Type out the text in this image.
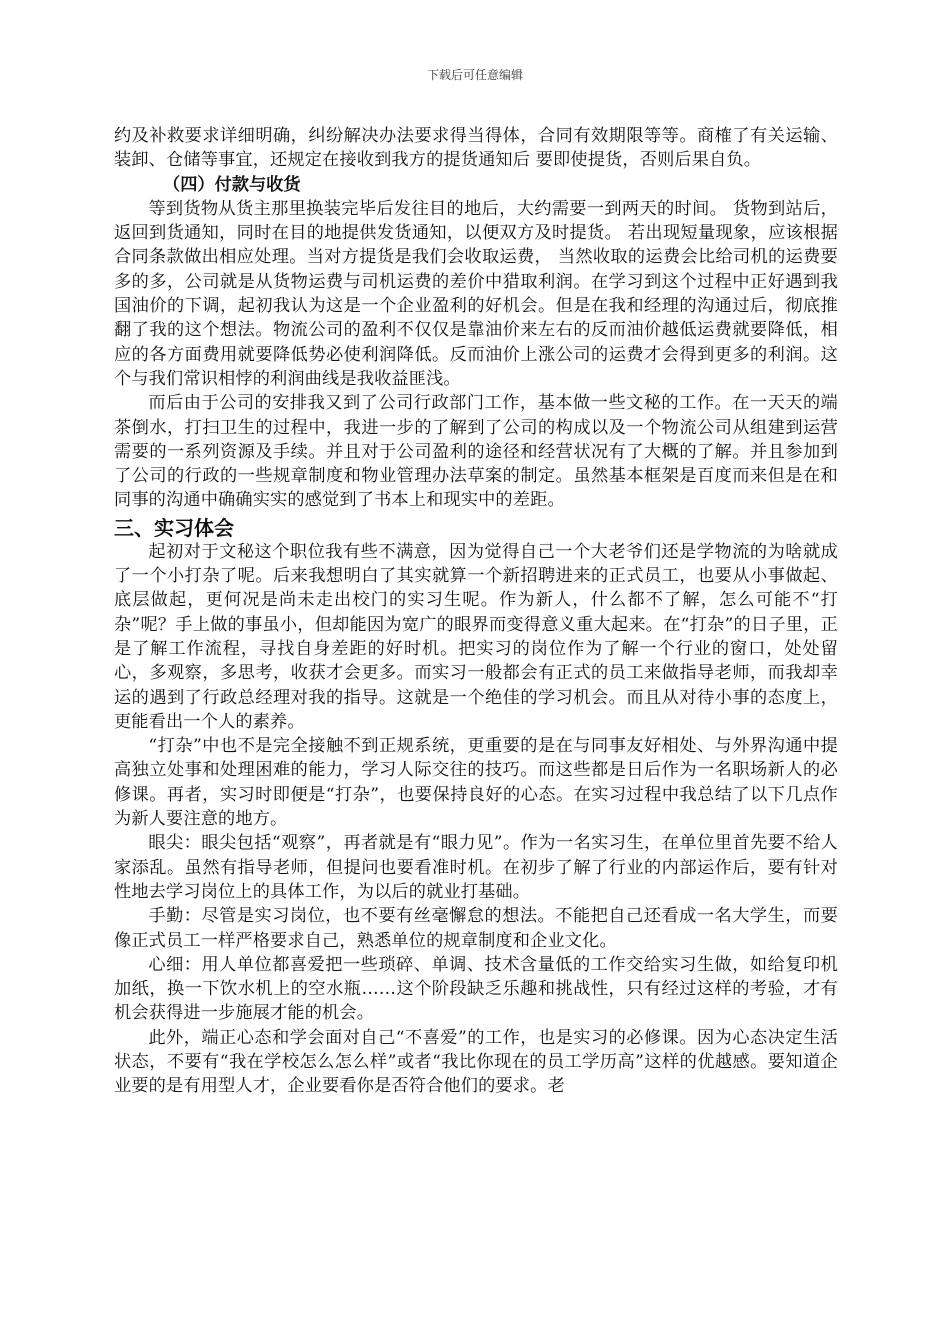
下载后可任意编辑

约及补救要求详细明确，纠纷解决办法要求得当得体，合同有效期限等等。商榷了有关运输、装卸、仓储等事宜，还规定在接收到我方的提货通知后 要即使提货，否则后果自负。

（四）付款与收货

等到货物从货主那里换装完毕后发往目的地后，大约需要一到两天的时间。 货物到站后，返回到货通知，同时在目的地提供发货通知，以便双方及时提货。 若出现短量现象，应该根据合同条款做出相应处理。当对方提货是我们会收取运费， 当然收取的运费会比给司机的运费要多的多，公司就是从货物运费与司机运费的差价中猎取利润。在学习到这个过程中正好遇到我国油价的下调，起初我认为这是一个企业盈利的好机会。但是在我和经理的沟通过后，彻底推翻了我的这个想法。物流公司的盈利不仅仅是靠油价来左右的反而油价越低运费就要降低，相应的各方面费用就要降低势必使利润降低。反而油价上涨公司的运费才会得到更多的利润。这个与我们常识相悖的利润曲线是我收益匪浅。

而后由于公司的安排我又到了公司行政部门工作，基本做一些文秘的工作。在一天天的端茶倒水，打扫卫生的过程中，我进一步的了解到了公司的构成以及一个物流公司从组建到运营需要的一系列资源及手续。并且对于公司盈利的途径和经营状况有了大概的了解。并且参加到了公司的行政的一些规章制度和物业管理办法草案的制定。虽然基本框架是百度而来但是在和同事的沟通中确确实实的感觉到了书本上和现实中的差距。

三、实习体会

起初对于文秘这个职位我有些不满意，因为觉得自己一个大老爷们还是学物流的为啥就成了一个小打杂了呢。后来我想明白了其实就算一个新招聘进来的正式员工，也要从小事做起、底层做起，更何况是尚未走出校门的实习生呢。作为新人，什么都不了解，怎么可能不“打杂”呢？手上做的事虽小，但却能因为宽广的眼界而变得意义重大起来。在“打杂”的日子里，正是了解工作流程，寻找自身差距的好时机。把实习的岗位作为了解一个行业的窗口，处处留心，多观察，多思考，收获才会更多。而实习一般都会有正式的员工来做指导老师，而我却幸运的遇到了行政总经理对我的指导。这就是一个绝佳的学习机会。而且从对待小事的态度上，更能看出一个人的素养。

“打杂”中也不是完全接触不到正规系统，更重要的是在与同事友好相处、与外界沟通中提高独立处事和处理困难的能力，学习人际交往的技巧。而这些都是日后作为一名职场新人的必修课。再者，实习时即便是“打杂”，也要保持良好的心态。在实习过程中我总结了以下几点作为新人要注意的地方。

眼尖：眼尖包括“观察”，再者就是有“眼力见”。作为一名实习生，在单位里首先要不给人家添乱。虽然有指导老师，但提问也要看准时机。在初步了解了行业的内部运作后，要有针对性地去学习岗位上的具体工作，为以后的就业打基础。

手勤：尽管是实习岗位，也不要有丝毫懈怠的想法。不能把自己还看成一名大学生，而要像正式员工一样严格要求自己，熟悉单位的规章制度和企业文化。

心细：用人单位都喜爱把一些琐碎、单调、技术含量低的工作交给实习生做，如给复印机加纸，换一下饮水机上的空水瓶……这个阶段缺乏乐趣和挑战性，只有经过这样的考验，才有机会获得进一步施展才能的机会。

此外，端正心态和学会面对自己“不喜爱”的工作，也是实习的必修课。因为心态决定生活状态，不要有“我在学校怎么怎么样”或者“我比你现在的员工学历高”这样的优越感。要知道企业要的是有用型人才，企业要看你是否符合他们的要求。老
